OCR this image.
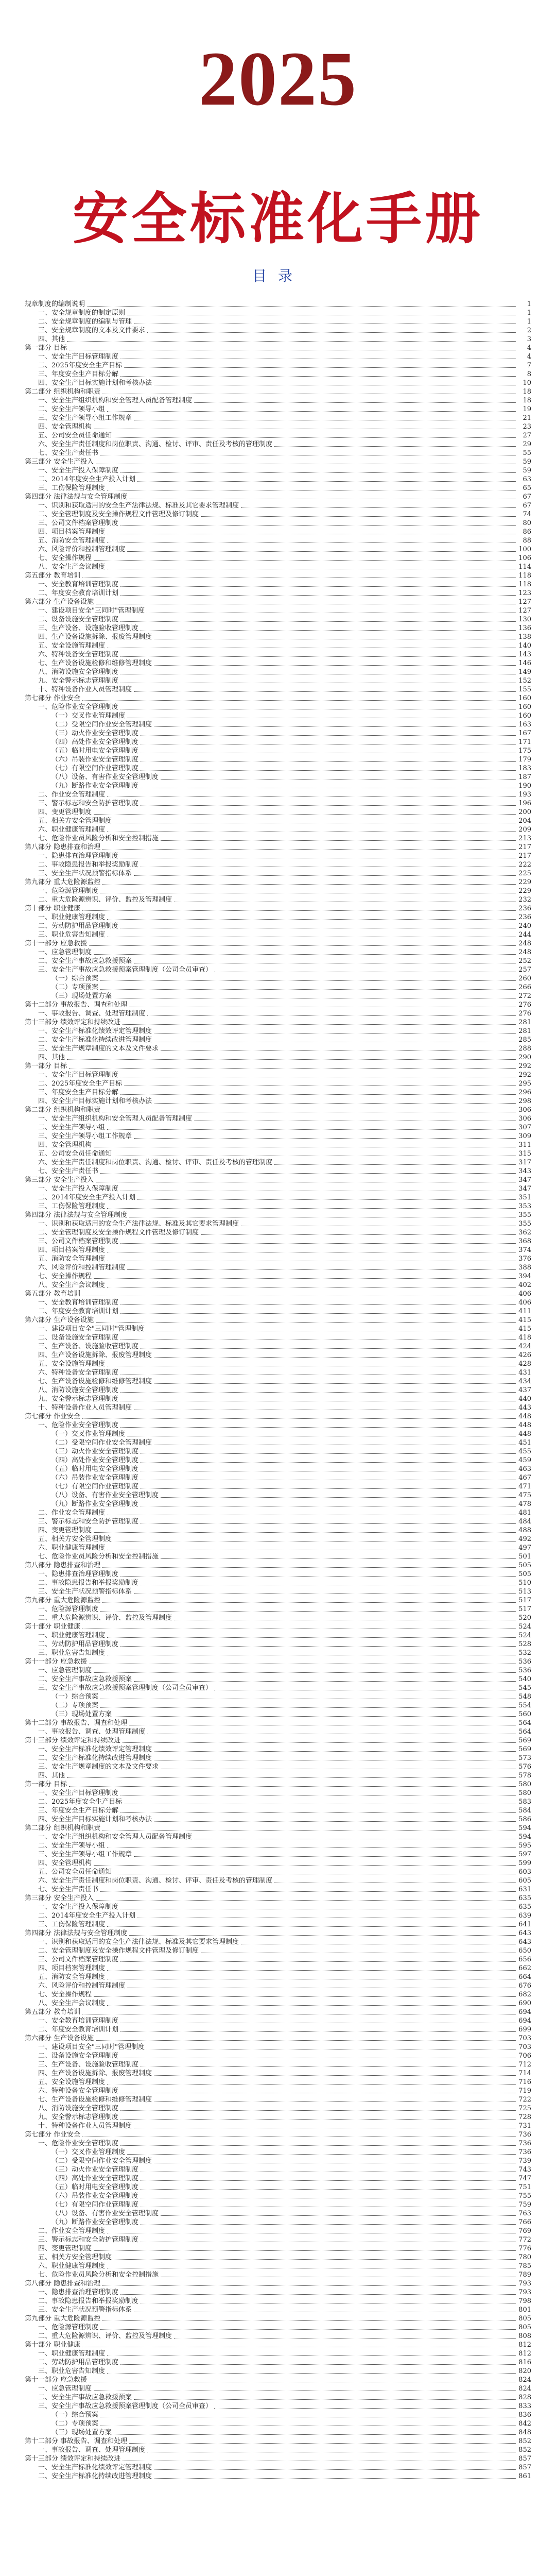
2025
安全标准化手册
目录
规章制度的编制说明	1
一、安全规章制度的制定原则	1
二、安全规章制度的编制与管理	1
三、安全规章制度的文本及文件要求	2
四、其他	3
第一部分 目标	4
一、安全生产目标管理制度	4
二、2025年度安全生产目标	7
三、年度安全生产目标分解	8
四、安全生产目标实施计划和考核办法	10
第二部分 组织机构和职责	18
一、安全生产组织机构和安全管理人员配备管理制度	18
二、安全生产领导小组	19
三、安全生产领导小组工作规章	21
四、安全管理机构	23
五、公司安全员任命通知	27
六、安全生产责任制度和岗位职责、沟通、检讨、评审、责任及考核的管理制度	29
七、安全生产责任书	55
第三部分 安全生产投入	59
一、安全生产投入保障制度	59
二、2014年度安全生产投入计划	63
三、工伤保险管理制度	65
第四部分 法律法规与安全管理制度	67
一、识别和获取适用的安全生产法律法规、标准及其它要求管理制度	67
二、安全管理制度及安全操作规程文件管理及修订制度	74
三、公司文件档案管理制度	80
四、项目档案管理制度	86
五、消防安全管理制度	88
六、风险评价和控制管理制度	100
七、安全操作规程	106
八、安全生产会议制度	114
第五部分 教育培训	118
一、安全教育培训管理制度	118
二、年度安全教育培训计划	123
第六部分 生产设备设施	127
一、建设项目安全"三同时"管理制度	127
二、设备设施安全管理制度	130
三、生产设备、设施验收管理制度	136
四、生产设备设施拆除、报废管理制度	138
五、安全设施管理制度	140
六、特种设备安全管理制度	143
七、生产设备设施检修和维修管理制度	146
八、消防设施安全管理制度	149
九、安全警示标志管理制度	152
十、特种设备作业人员管理制度	155
第七部分 作业安全	160
一、危险作业安全管理制度	160
（一）交叉作业管理制度	160
（二）受限空间作业安全管理制度	163
（三）动火作业安全管理制度	167
（四）高处作业安全管理制度	171
（五）临时用电安全管理制度	175
（六）吊装作业安全管理制度	179
（七）有限空间作业管理制度	183
（八）设备、有害作业安全管理制度	187
（九）断路作业安全管理制度	190
二、作业安全管理制度	193
三、警示标志和安全防护管理制度	196
四、变更管理制度	200
五、相关方安全管理制度	204
六、职业健康管理制度	209
七、危险作业员风险分析和安全控制措施	213
第八部分 隐患排查和治理	217
一、隐患排查治理管理制度	217
二、事故隐患报告和举报奖励制度	222
三、安全生产状况预警指标体系	225
第九部分 重大危险源监控	229
一、危险源管理制度	229
二、重大危险源辨识、评价、监控及管理制度	232
第十部分 职业健康	236
一、职业健康管理制度	236
二、劳动防护用品管理制度	240
三、职业危害告知制度	244
第十一部分 应急救援	248
一、应急管理制度	248
二、安全生产事故应急救援预案	252
三、安全生产事故应急救援预案管理制度（公司全员审查）	257
（一）综合预案	260
（二）专项预案	266
（三）现场处置方案	272
第十二部分 事故报告、调查和处理	276
一、事故报告、调查、处理管理制度	276
第十三部分 绩效评定和持续改进	281
一、安全生产标准化绩效评定管理制度	281
二、安全生产标准化持续改进管理制度	285
三、安全生产规章制度的文本及文件要求	288
四、其他	290
第一部分 目标	292
一、安全生产目标管理制度	292
二、2025年度安全生产目标	295
三、年度安全生产目标分解	296
四、安全生产目标实施计划和考核办法	298
第二部分 组织机构和职责	306
一、安全生产组织机构和安全管理人员配备管理制度	306
二、安全生产领导小组	307
三、安全生产领导小组工作规章	309
四、安全管理机构	311
五、公司安全员任命通知	315
六、安全生产责任制度和岗位职责、沟通、检讨、评审、责任及考核的管理制度	317
七、安全生产责任书	343
第三部分 安全生产投入	347
一、安全生产投入保障制度	347
二、2014年度安全生产投入计划	351
三、工伤保险管理制度	353
第四部分 法律法规与安全管理制度	355
一、识别和获取适用的安全生产法律法规、标准及其它要求管理制度	355
二、安全管理制度及安全操作规程文件管理及修订制度	362
三、公司文件档案管理制度	368
四、项目档案管理制度	374
五、消防安全管理制度	376
六、风险评价和控制管理制度	388
七、安全操作规程	394
八、安全生产会议制度	402
第五部分 教育培训	406
一、安全教育培训管理制度	406
二、年度安全教育培训计划	411
第六部分 生产设备设施	415
一、建设项目安全"三同时"管理制度	415
二、设备设施安全管理制度	418
三、生产设备、设施验收管理制度	424
四、生产设备设施拆除、报废管理制度	426
五、安全设施管理制度	428
六、特种设备安全管理制度	431
七、生产设备设施检修和维修管理制度	434
八、消防设施安全管理制度	437
九、安全警示标志管理制度	440
十、特种设备作业人员管理制度	443
第七部分 作业安全	448
一、危险作业安全管理制度	448
（一）交叉作业管理制度	448
（二）受限空间作业安全管理制度	451
（三）动火作业安全管理制度	455
（四）高处作业安全管理制度	459
（五）临时用电安全管理制度	463
（六）吊装作业安全管理制度	467
（七）有限空间作业管理制度	471
（八）设备、有害作业安全管理制度	475
（九）断路作业安全管理制度	478
二、作业安全管理制度	481
三、警示标志和安全防护管理制度	484
四、变更管理制度	488
五、相关方安全管理制度	492
六、职业健康管理制度	497
七、危险作业员风险分析和安全控制措施	501
第八部分 隐患排查和治理	505
一、隐患排查治理管理制度	505
二、事故隐患报告和举报奖励制度	510
三、安全生产状况预警指标体系	513
第九部分 重大危险源监控	517
一、危险源管理制度	517
二、重大危险源辨识、评价、监控及管理制度	520
第十部分 职业健康	524
一、职业健康管理制度	524
二、劳动防护用品管理制度	528
三、职业危害告知制度	532
第十一部分 应急救援	536
一、应急管理制度	536
二、安全生产事故应急救援预案	540
三、安全生产事故应急救援预案管理制度（公司全员审查）	545
（一）综合预案	548
（二）专项预案	554
（三）现场处置方案	560
第十二部分 事故报告、调查和处理	564
一、事故报告、调查、处理管理制度	564
第十三部分 绩效评定和持续改进	569
一、安全生产标准化绩效评定管理制度	569
二、安全生产标准化持续改进管理制度	573
三、安全生产规章制度的文本及文件要求	576
四、其他	578
第一部分 目标	580
一、安全生产目标管理制度	580
二、2025年度安全生产目标	583
三、年度安全生产目标分解	584
四、安全生产目标实施计划和考核办法	586
第二部分 组织机构和职责	594
一、安全生产组织机构和安全管理人员配备管理制度	594
二、安全生产领导小组	595
三、安全生产领导小组工作规章	597
四、安全管理机构	599
五、公司安全员任命通知	603
六、安全生产责任制度和岗位职责、沟通、检讨、评审、责任及考核的管理制度	605
七、安全生产责任书	631
第三部分 安全生产投入	635
一、安全生产投入保障制度	635
二、2014年度安全生产投入计划	639
三、工伤保险管理制度	641
第四部分 法律法规与安全管理制度	643
一、识别和获取适用的安全生产法律法规、标准及其它要求管理制度	643
二、安全管理制度及安全操作规程文件管理及修订制度	650
三、公司文件档案管理制度	656
四、项目档案管理制度	662
五、消防安全管理制度	664
六、风险评价和控制管理制度	676
七、安全操作规程	682
八、安全生产会议制度	690
第五部分 教育培训	694
一、安全教育培训管理制度	694
二、年度安全教育培训计划	699
第六部分 生产设备设施	703
一、建设项目安全"三同时"管理制度	703
二、设备设施安全管理制度	706
三、生产设备、设施验收管理制度	712
四、生产设备设施拆除、报废管理制度	714
五、安全设施管理制度	716
六、特种设备安全管理制度	719
七、生产设备设施检修和维修管理制度	722
八、消防设施安全管理制度	725
九、安全警示标志管理制度	728
十、特种设备作业人员管理制度	731
第七部分 作业安全	736
一、危险作业安全管理制度	736
（一）交叉作业管理制度	736
（二）受限空间作业安全管理制度	739
（三）动火作业安全管理制度	743
（四）高处作业安全管理制度	747
（五）临时用电安全管理制度	751
（六）吊装作业安全管理制度	755
（七）有限空间作业管理制度	759
（八）设备、有害作业安全管理制度	763
（九）断路作业安全管理制度	766
二、作业安全管理制度	769
三、警示标志和安全防护管理制度	772
四、变更管理制度	776
五、相关方安全管理制度	780
六、职业健康管理制度	785
七、危险作业员风险分析和安全控制措施	789
第八部分 隐患排查和治理	793
一、隐患排查治理管理制度	793
二、事故隐患报告和举报奖励制度	798
三、安全生产状况预警指标体系	801
第九部分 重大危险源监控	805
一、危险源管理制度	805
二、重大危险源辨识、评价、监控及管理制度	808
第十部分 职业健康	812
一、职业健康管理制度	812
二、劳动防护用品管理制度	816
三、职业危害告知制度	820
第十一部分 应急救援	824
一、应急管理制度	824
二、安全生产事故应急救援预案	828
三、安全生产事故应急救援预案管理制度（公司全员审查）	833
（一）综合预案	836
（二）专项预案	842
（三）现场处置方案	848
第十二部分 事故报告、调查和处理	852
一、事故报告、调查、处理管理制度	852
第十三部分 绩效评定和持续改进	857
一、安全生产标准化绩效评定管理制度	857
二、安全生产标准化持续改进管理制度	861
